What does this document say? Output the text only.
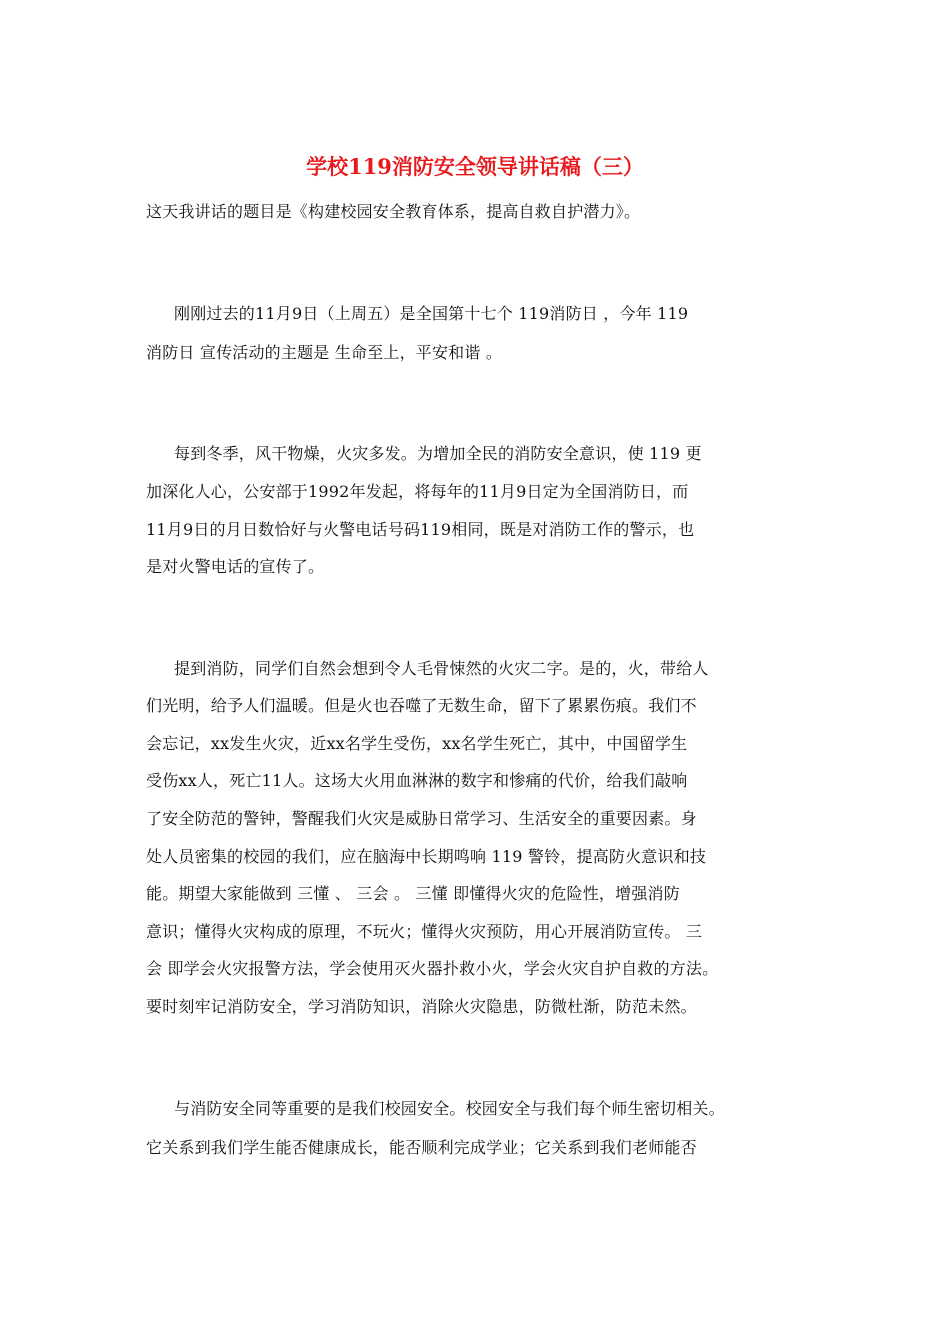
学校119消防安全领导讲话稿（三）
这天我讲话的题目是《构建校园安全教育体系，提高自救自护潜力》。
刚刚过去的11月9日（上周五）是全国第十七个 119消防日 ，今年 119
消防日 宣传活动的主题是 生命至上，平安和谐 。
每到冬季，风干物燥，火灾多发。为增加全民的消防安全意识，使 119 更
加深化人心，公安部于1992年发起，将每年的11月9日定为全国消防日，而
11月9日的月日数恰好与火警电话号码119相同，既是对消防工作的警示，也
是对火警电话的宣传了。
提到消防，同学们自然会想到令人毛骨悚然的火灾二字。是的，火，带给人
们光明，给予人们温暖。但是火也吞噬了无数生命，留下了累累伤痕。我们不
会忘记，xx发生火灾，近xx名学生受伤，xx名学生死亡，其中，中国留学生
受伤xx人，死亡11人。这场大火用血淋淋的数字和惨痛的代价，给我们敲响
了安全防范的警钟，警醒我们火灾是威胁日常学习、生活安全的重要因素。身
处人员密集的校园的我们，应在脑海中长期鸣响 119 警铃，提高防火意识和技
能。期望大家能做到 三懂 、 三会 。 三懂 即懂得火灾的危险性，增强消防
意识；懂得火灾构成的原理，不玩火；懂得火灾预防，用心开展消防宣传。 三
会 即学会火灾报警方法，学会使用灭火器扑救小火，学会火灾自护自救的方法。
要时刻牢记消防安全，学习消防知识，消除火灾隐患，防微杜渐，防范未然。
与消防安全同等重要的是我们校园安全。校园安全与我们每个师生密切相关。
它关系到我们学生能否健康成长，能否顺利完成学业；它关系到我们老师能否
